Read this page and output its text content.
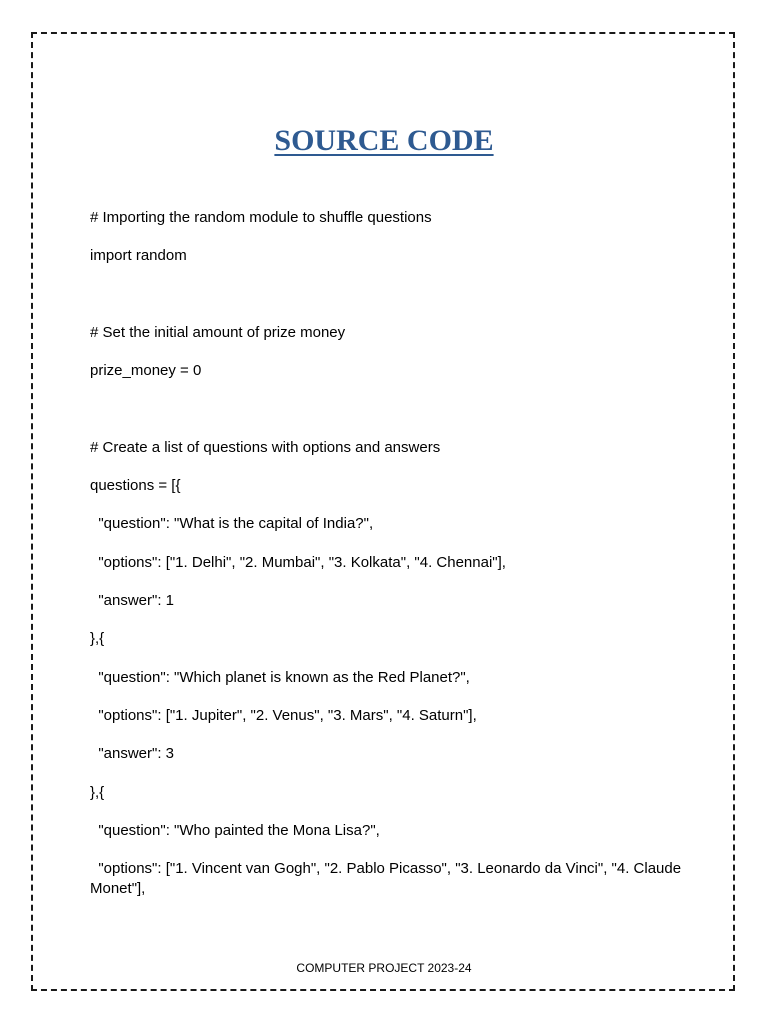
SOURCE CODE

# Importing the random module to shuffle questions

import random

# Set the initial amount of prize money

prize_money = 0

# Create a list of questions with options and answers

questions = [{

"question": "What is the capital of India?",

"options": ["1. Delhi", "2. Mumbai", "3. Kolkata", "4. Chennai"],

"answer": 1

},{

"question": "Which planet is known as the Red Planet?",

"options": ["1. Jupiter", "2. Venus", "3. Mars", "4. Saturn"],

"answer": 3

},{

"question": "Who painted the Mona Lisa?",

"options": ["1. Vincent van Gogh", "2. Pablo Picasso", "3. Leonardo da Vinci", "4. Claude Monet"],

COMPUTER PROJECT 2023-24
